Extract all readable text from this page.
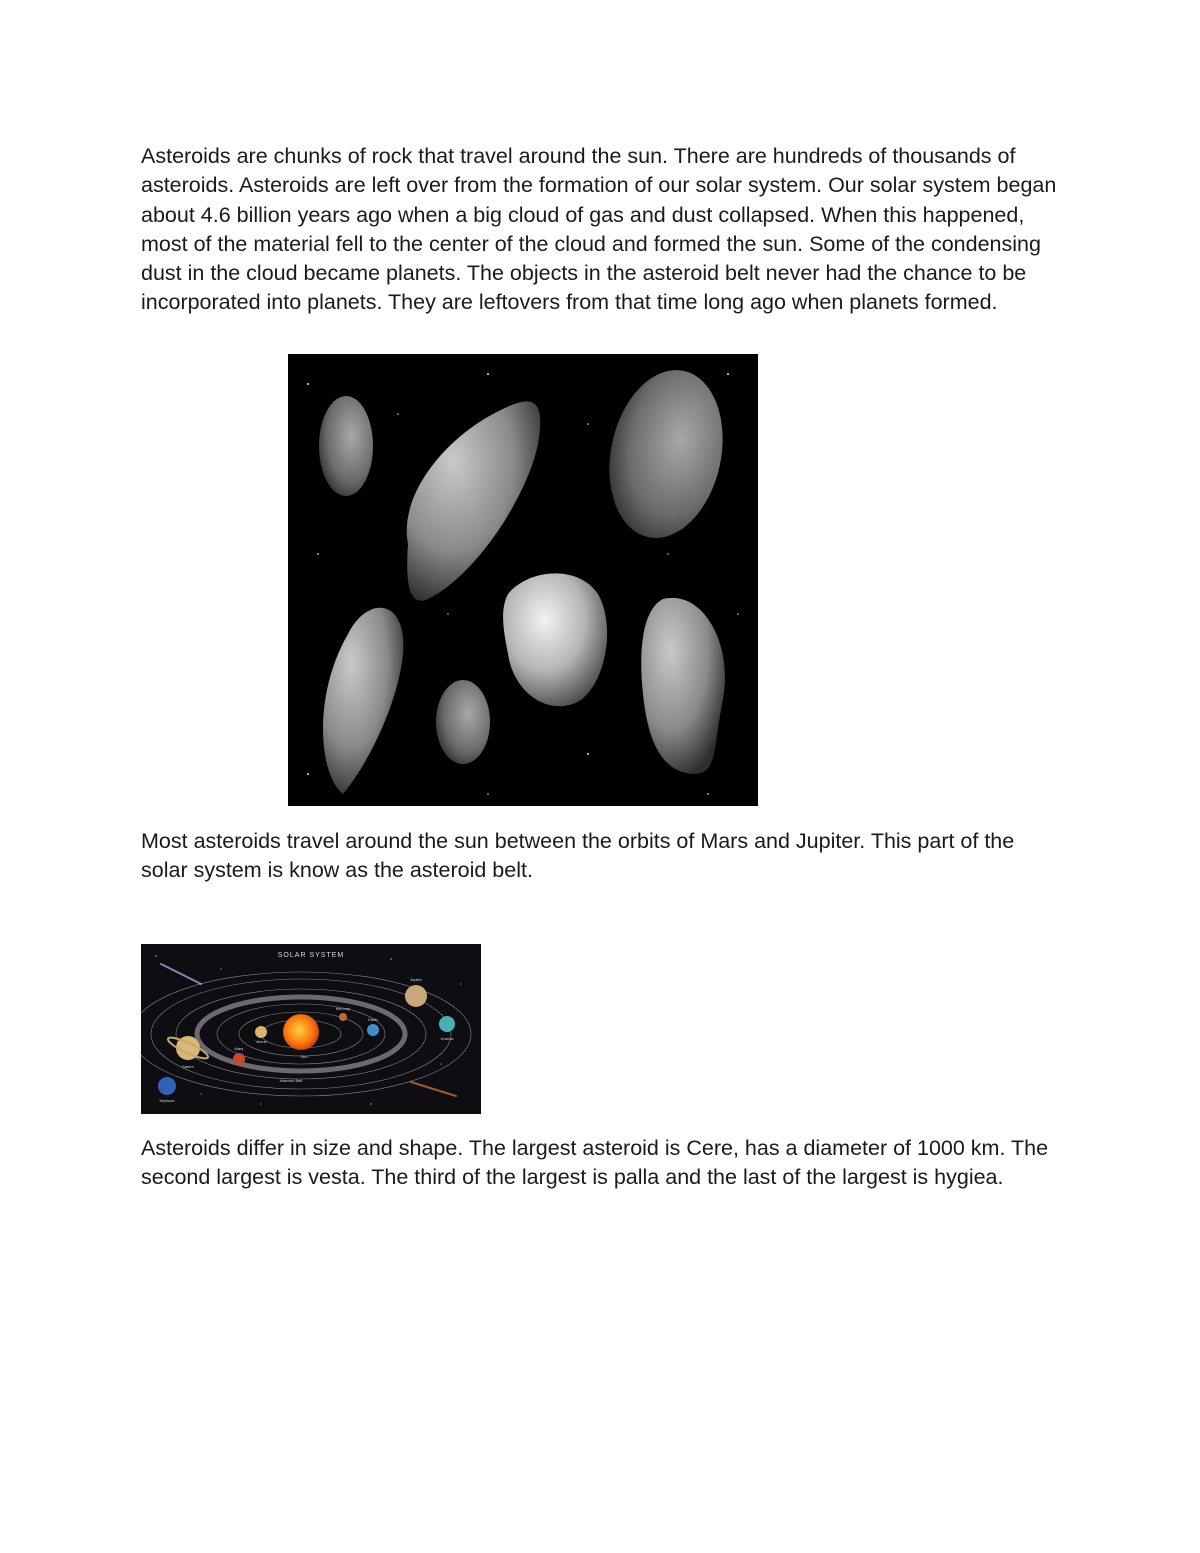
Asteroids are chunks of rock that travel around the sun. There are hundreds of thousands of asteroids. Asteroids are left over from the formation of our solar system. Our solar system began about 4.6 billion years ago when a big cloud of gas and dust collapsed. When this happened, most of the material fell to the center of the cloud and formed the sun. Some of the condensing dust in the cloud became planets. The objects in the asteroid belt never had the chance to be incorporated into planets. They are leftovers from that time long ago when planets formed.

Most asteroids travel around the sun between the orbits of Mars and Jupiter. This part of the solar system is know as the asteroid belt.

SOLAR SYSTEM
Sun
Mercury
Venus
Earth
Mars
Jupiter
Uranus
Saturn
Neptune
Asteroid Belt

Asteroids differ in size and shape. The largest asteroid is Cere, has a diameter of 1000 km. The second largest is vesta. The third of the largest is palla and the last of the largest is hygiea.
